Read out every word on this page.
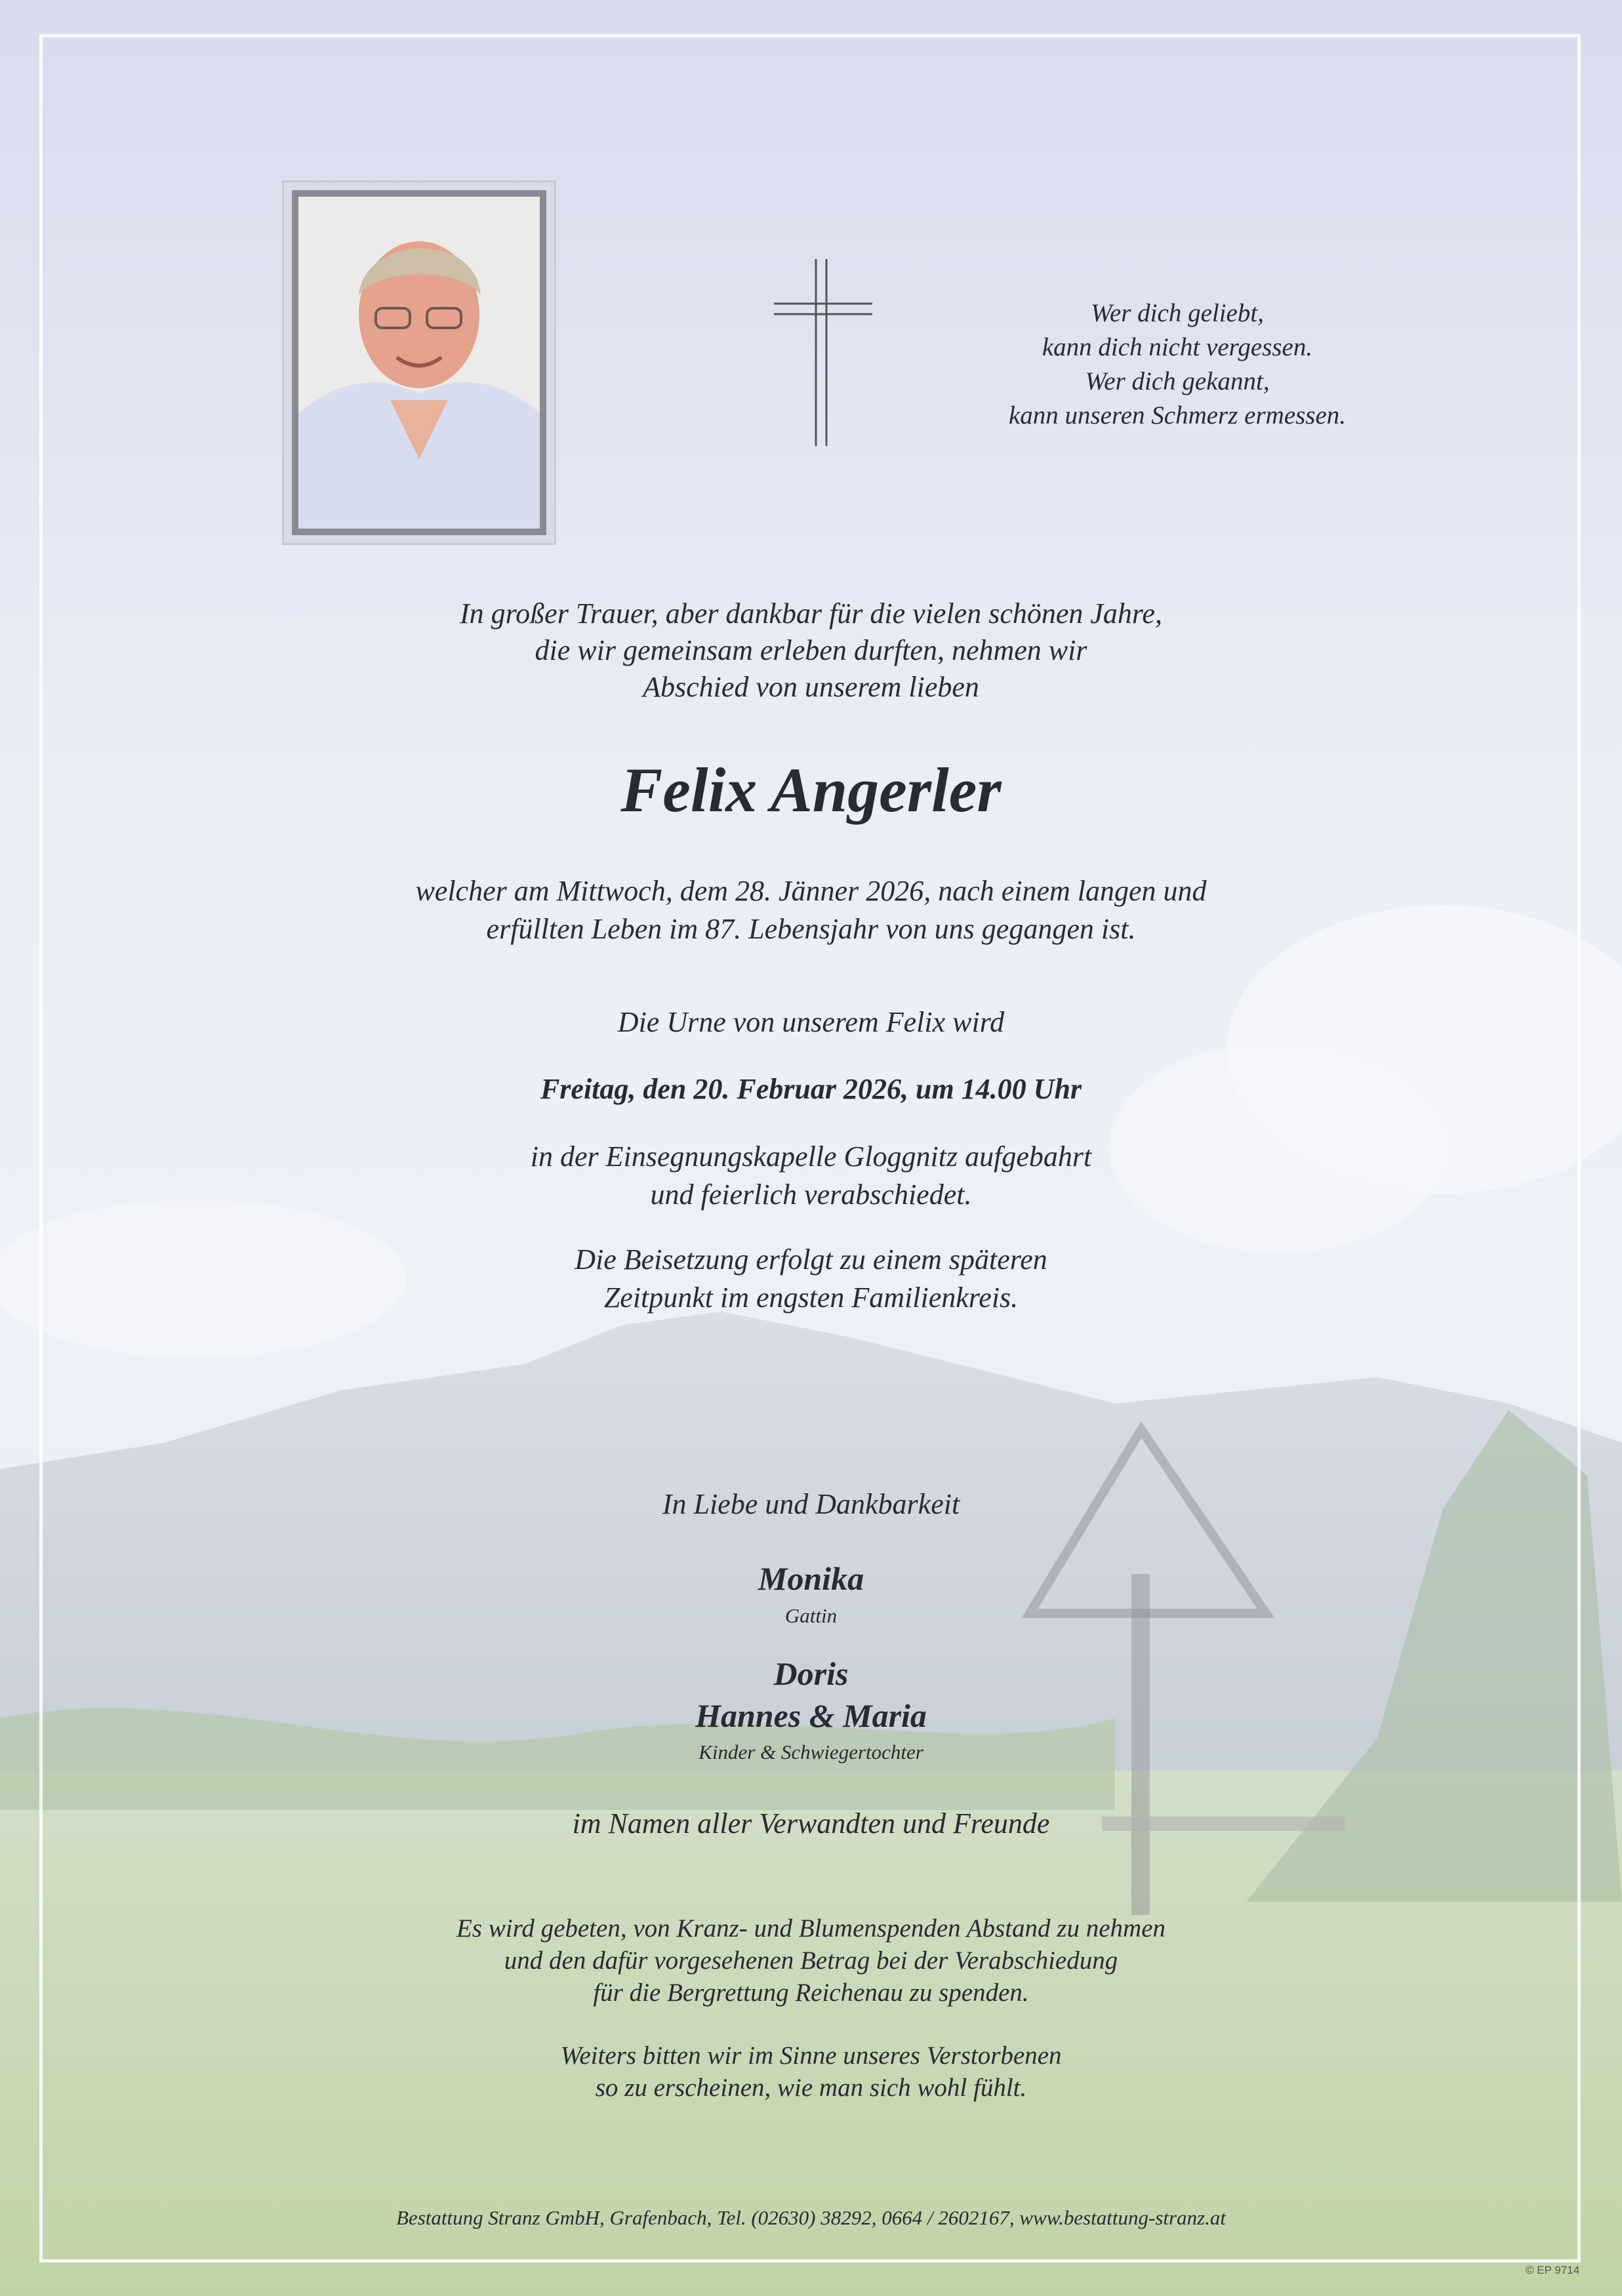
Wer dich geliebt,
kann dich nicht vergessen.
Wer dich gekannt,
kann unseren Schmerz ermessen.
In großer Trauer, aber dankbar für die vielen schönen Jahre,
die wir gemeinsam erleben durften, nehmen wir
Abschied von unserem lieben
Felix Angerler
welcher am Mittwoch, dem 28. Jänner 2026, nach einem langen und
erfüllten Leben im 87. Lebensjahr von uns gegangen ist.
Die Urne von unserem Felix wird
Freitag, den 20. Februar 2026, um 14.00 Uhr
in der Einsegnungskapelle Gloggnitz aufgebahrt
und feierlich verabschiedet.
Die Beisetzung erfolgt zu einem späteren
Zeitpunkt im engsten Familienkreis.
In Liebe und Dankbarkeit
Monika
Gattin
Doris
Hannes & Maria
Kinder & Schwiegertochter
im Namen aller Verwandten und Freunde
Es wird gebeten, von Kranz- und Blumenspenden Abstand zu nehmen
und den dafür vorgesehenen Betrag bei der Verabschiedung
für die Bergrettung Reichenau zu spenden.
Weiters bitten wir im Sinne unseres Verstorbenen
so zu erscheinen, wie man sich wohl fühlt.
Bestattung Stranz GmbH, Grafenbach, Tel. (02630) 38292, 0664 / 2602167, www.bestattung-stranz.at
© EP 9714
